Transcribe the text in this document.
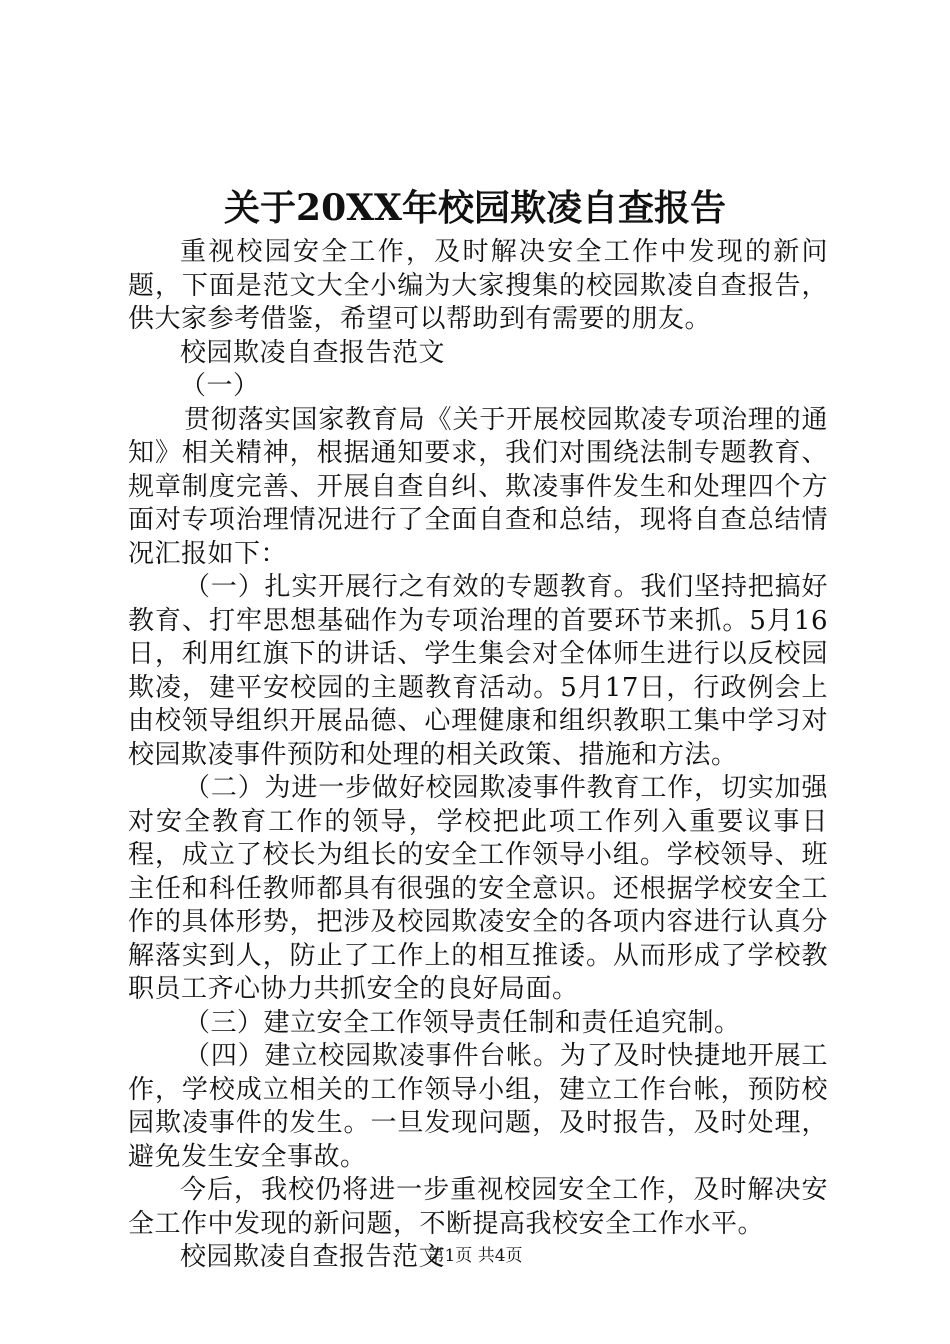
关于20XX年校园欺凌自查报告

重视校园安全工作，及时解决安全工作中发现的新问题，下面是范文大全小编为大家搜集的校园欺凌自查报告，供大家参考借鉴，希望可以帮助到有需要的朋友。

校园欺凌自查报告范文

（一）

贯彻落实国家教育局《关于开展校园欺凌专项治理的通知》相关精神，根据通知要求，我们对围绕法制专题教育、规章制度完善、开展自查自纠、欺凌事件发生和处理四个方面对专项治理情况进行了全面自查和总结，现将自查总结情况汇报如下：

（一）扎实开展行之有效的专题教育。我们坚持把搞好教育、打牢思想基础作为专项治理的首要环节来抓。5月16日，利用红旗下的讲话、学生集会对全体师生进行以反校园欺凌，建平安校园的主题教育活动。5月17日，行政例会上由校领导组织开展品德、心理健康和组织教职工集中学习对校园欺凌事件预防和处理的相关政策、措施和方法。

（二）为进一步做好校园欺凌事件教育工作，切实加强对安全教育工作的领导，学校把此项工作列入重要议事日程，成立了校长为组长的安全工作领导小组。学校领导、班主任和科任教师都具有很强的安全意识。还根据学校安全工作的具体形势，把涉及校园欺凌安全的各项内容进行认真分解落实到人，防止了工作上的相互推诿。从而形成了学校教职员工齐心协力共抓安全的良好局面。

（三）建立安全工作领导责任制和责任追究制。

（四）建立校园欺凌事件台帐。为了及时快捷地开展工作，学校成立相关的工作领导小组，建立工作台帐，预防校园欺凌事件的发生。一旦发现问题，及时报告，及时处理，避免发生安全事故。

今后，我校仍将进一步重视校园安全工作，及时解决安全工作中发现的新问题，不断提高我校安全工作水平。

校园欺凌自查报告范文

第1页 共4页
